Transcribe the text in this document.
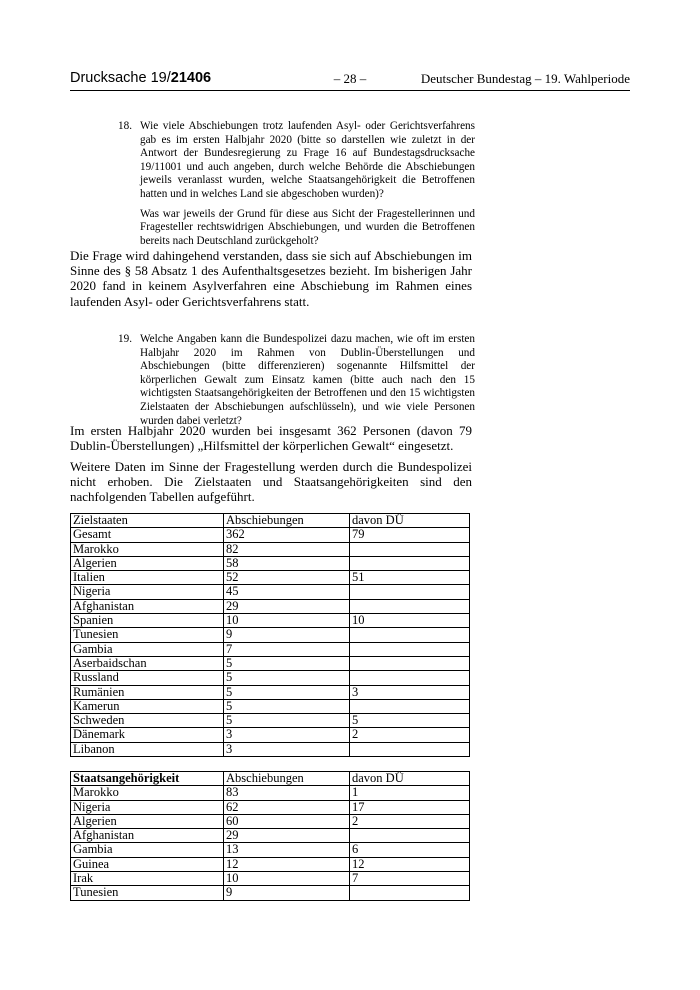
Drucksache 19/21406	– 28 –	Deutscher Bundestag – 19. Wahlperiode
18. Wie viele Abschiebungen trotz laufenden Asyl- oder Gerichtsverfahrens gab es im ersten Halbjahr 2020 (bitte so darstellen wie zuletzt in der Antwort der Bundesregierung zu Frage 16 auf Bundestagsdrucksache 19/11001 und auch angeben, durch welche Behörde die Abschiebungen jeweils veranlasst wurden, welche Staatsangehörigkeit die Betroffenen hatten und in welches Land sie abgeschoben wurden)?

Was war jeweils der Grund für diese aus Sicht der Fragestellerinnen und Fragesteller rechtswidrigen Abschiebungen, und wurden die Betroffenen bereits nach Deutschland zurückgeholt?

Die Frage wird dahingehend verstanden, dass sie sich auf Abschiebungen im Sinne des § 58 Absatz 1 des Aufenthaltsgesetzes bezieht. Im bisherigen Jahr 2020 fand in keinem Asylverfahren eine Abschiebung im Rahmen eines laufenden Asyl- oder Gerichtsverfahrens statt.

19. Welche Angaben kann die Bundespolizei dazu machen, wie oft im ersten Halbjahr 2020 im Rahmen von Dublin-Überstellungen und Abschiebungen (bitte differenzieren) sogenannte Hilfsmittel der körperlichen Gewalt zum Einsatz kamen (bitte auch nach den 15 wichtigsten Staatsangehörigkeiten der Betroffenen und den 15 wichtigsten Zielstaaten der Abschiebungen aufschlüsseln), und wie viele Personen wurden dabei verletzt?

Im ersten Halbjahr 2020 wurden bei insgesamt 362 Personen (davon 79 Dublin-Überstellungen) „Hilfsmittel der körperlichen Gewalt“ eingesetzt.

Weitere Daten im Sinne der Fragestellung werden durch die Bundespolizei nicht erhoben. Die Zielstaaten und Staatsangehörigkeiten sind den nachfolgenden Tabellen aufgeführt.

Zielstaaten	Abschiebungen	davon DÜ
Gesamt	362	79
Marokko	82	
Algerien	58	
Italien	52	51
Nigeria	45	
Afghanistan	29	
Spanien	10	10
Tunesien	9	
Gambia	7	
Aserbaidschan	5	
Russland	5	
Rumänien	5	3
Kamerun	5	
Schweden	5	5
Dänemark	3	2
Libanon	3	
Staatsangehörigkeit	Abschiebungen	davon DÜ
Marokko	83	1
Nigeria	62	17
Algerien	60	2
Afghanistan	29	
Gambia	13	6
Guinea	12	12
Irak	10	7
Tunesien	9	
